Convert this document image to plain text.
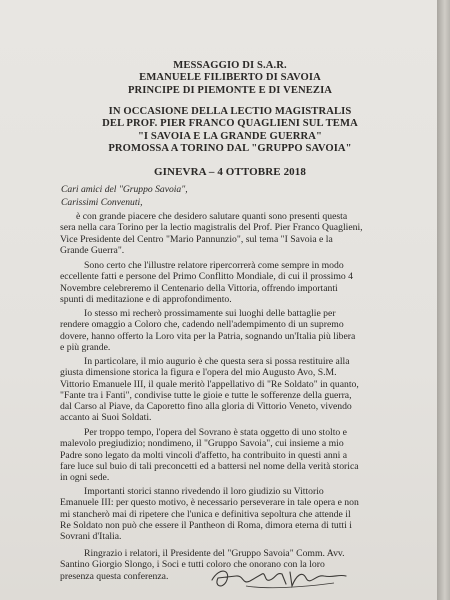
MESSAGGIO DI S.A.R.
EMANUELE FILIBERTO DI SAVOIA
PRINCIPE DI PIEMONTE E DI VENEZIA
IN OCCASIONE DELLA LECTIO MAGISTRALIS
DEL PROF. PIER FRANCO QUAGLIENI SUL TEMA
"I SAVOIA E LA GRANDE GUERRA"
PROMOSSA A TORINO DAL "GRUPPO SAVOIA"
GINEVRA – 4 OTTOBRE 2018
Cari amici del "Gruppo Savoia",
Carissimi Convenuti,
è con grande piacere che desidero salutare quanti sono presenti questa
sera nella cara Torino per la lectio magistralis del Prof. Pier Franco Quaglieni,
Vice Presidente del Centro "Mario Pannunzio", sul tema "I Savoia e la
Grande Guerra".
Sono certo che l'illustre relatore ripercorrerà come sempre in modo
eccellente fatti e persone del Primo Conflitto Mondiale, di cui il prossimo 4
Novembre celebreremo il Centenario della Vittoria, offrendo importanti
spunti di meditazione e di approfondimento.
Io stesso mi recherò prossimamente sui luoghi delle battaglie per
rendere omaggio a Coloro che, cadendo nell'adempimento di un supremo
dovere, hanno offerto la Loro vita per la Patria, sognando un'Italia più libera
e più grande.
In particolare, il mio augurio è che questa sera si possa restituire alla
giusta dimensione storica la figura e l'opera del mio Augusto Avo, S.M.
Vittorio Emanuele III, il quale meritò l'appellativo di "Re Soldato" in quanto,
"Fante tra i Fanti", condivise tutte le gioie e tutte le sofferenze della guerra,
dal Carso al Piave, da Caporetto fino alla gloria di Vittorio Veneto, vivendo
accanto ai Suoi Soldati.
Per troppo tempo, l'opera del Sovrano è stata oggetto di uno stolto e
malevolo pregiudizio; nondimeno, il "Gruppo Savoia", cui insieme a mio
Padre sono legato da molti vincoli d'affetto, ha contribuito in questi anni a
fare luce sul buio di tali preconcetti ed a battersi nel nome della verità storica
in ogni sede.
Importanti storici stanno rivedendo il loro giudizio su Vittorio
Emanuele III: per questo motivo, è necessario perseverare in tale opera e non
mi stancherò mai di ripetere che l'unica e definitiva sepoltura che attende il
Re Soldato non può che essere il Pantheon di Roma, dimora eterna di tutti i
Sovrani d'Italia.
Ringrazio i relatori, il Presidente del "Gruppo Savoia" Comm. Avv.
Santino Giorgio Slongo, i Soci e tutti coloro che onorano con la loro
presenza questa conferenza.
